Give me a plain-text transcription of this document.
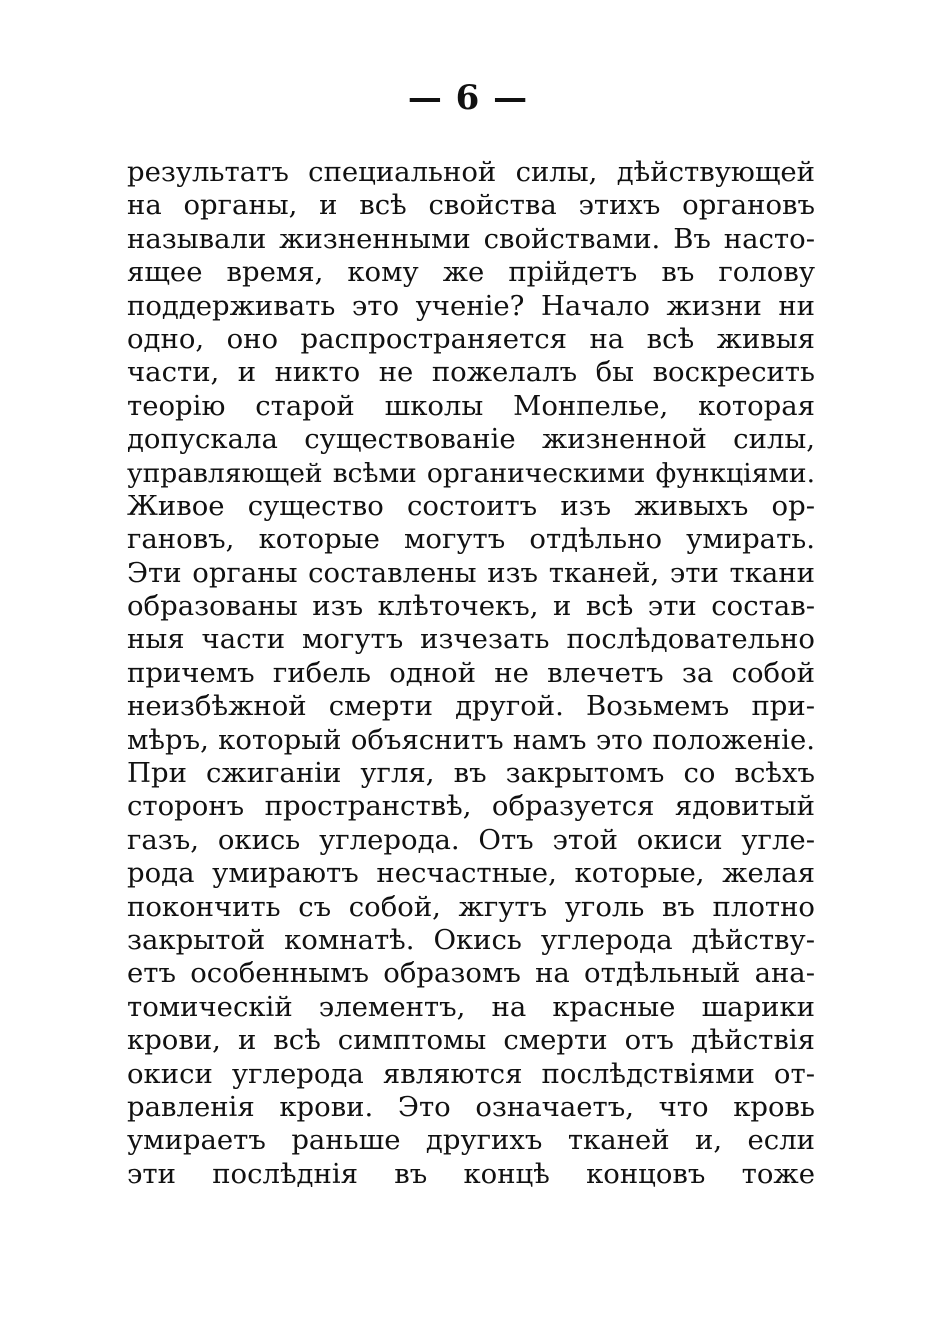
— 6 —
результатъ специальной силы, дѣйствующей
на органы, и всѣ свойства этихъ органовъ
называли жизненными свойствами. Въ насто-
ящее время, кому же прійдетъ въ голову
поддерживать это ученіе? Начало жизни ни
одно, оно распространяется на всѣ живыя
части, и никто не пожелалъ бы воскресить
теорію старой школы Монпелье, которая
допускала существованіе жизненной силы,
управляющей всѣми органическими функціями.
Живое существо состоитъ изъ живыхъ ор-
гановъ, которые могутъ отдѣльно умирать.
Эти органы составлены изъ тканей, эти ткани
образованы изъ клѣточекъ, и всѣ эти состав-
ныя части могутъ изчезать послѣдовательно
причемъ гибель одной не влечетъ за собой
неизбѣжной смерти другой. Возьмемъ при-
мѣръ, который объяснитъ намъ это положеніе.
При сжиганіи угля, въ закрытомъ со всѣхъ
сторонъ пространствѣ, образуется ядовитый
газъ, окись углерода. Отъ этой окиси угле-
рода умираютъ несчастные, которые, желая
покончить съ собой, жгутъ уголь въ плотно
закрытой комнатѣ. Окись углерода дѣйству-
етъ особеннымъ образомъ на отдѣльный ана-
томическій элементъ, на красные шарики
крови, и всѣ симптомы смерти отъ дѣйствія
окиси углерода являются послѣдствіями от-
равленія крови. Это означаетъ, что кровь
умираетъ раньше другихъ тканей и, если
эти послѣднія въ концѣ концовъ тоже
